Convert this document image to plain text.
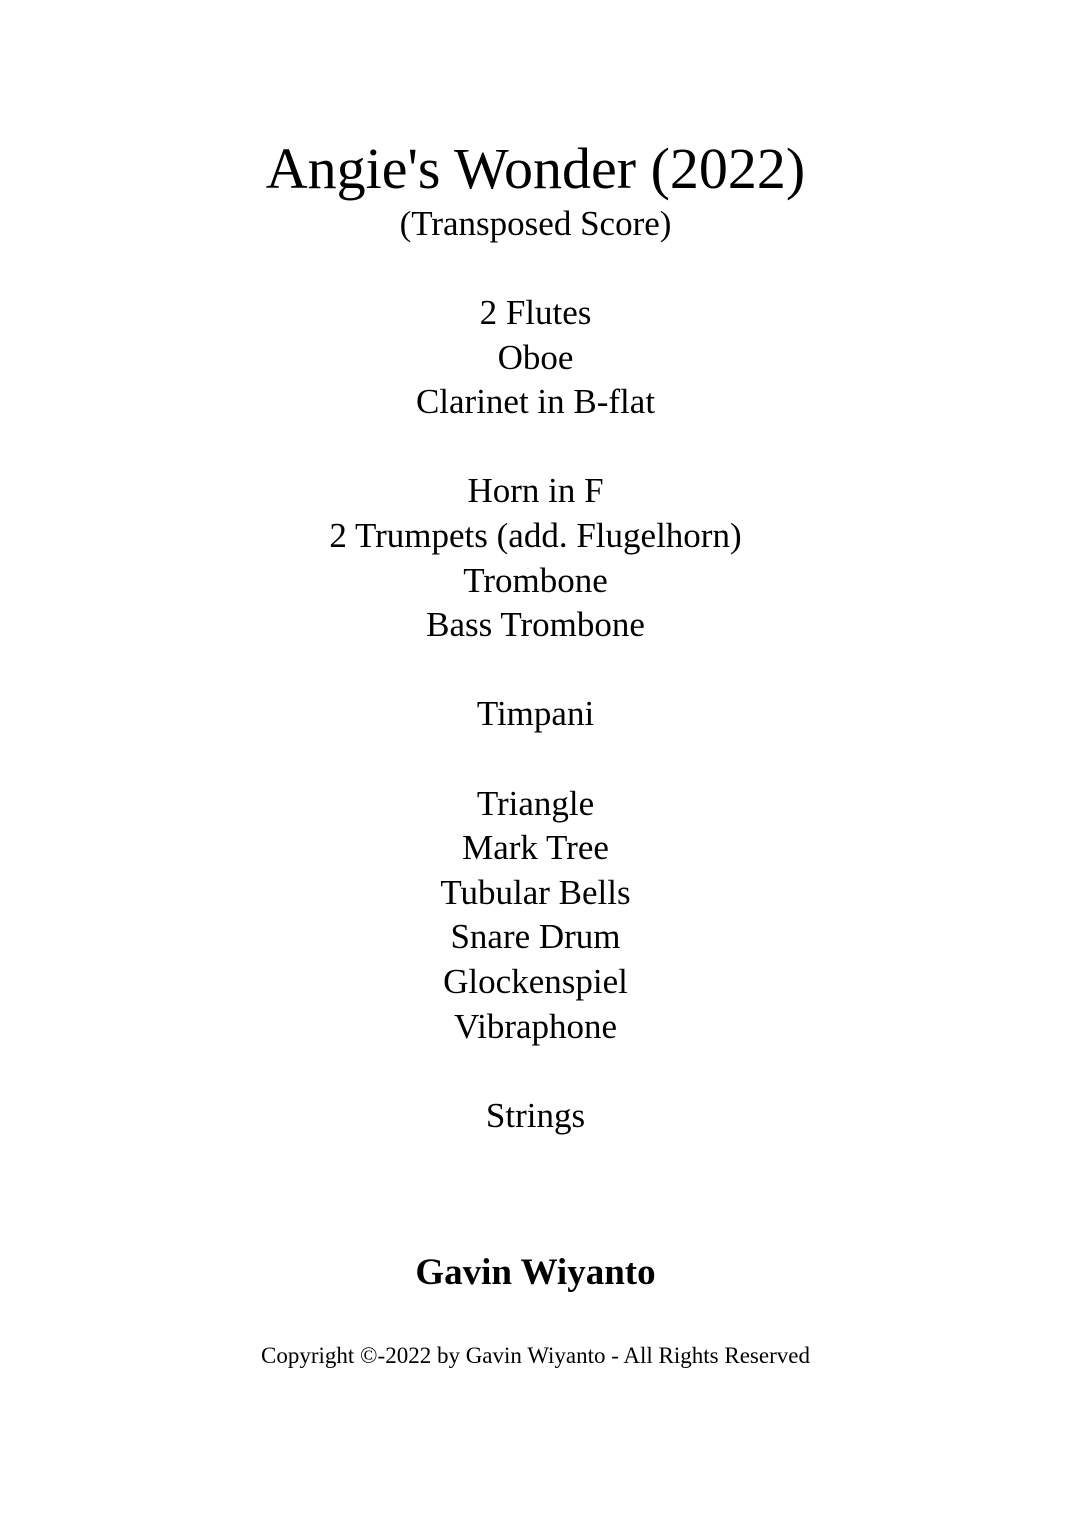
Angie's Wonder (2022)
(Transposed Score)
2 Flutes
Oboe
Clarinet in B-flat
Horn in F
2 Trumpets (add. Flugelhorn)
Trombone
Bass Trombone
Timpani
Triangle
Mark Tree
Tubular Bells
Snare Drum
Glockenspiel
Vibraphone
Strings
Gavin Wiyanto
Copyright ©-2022 by Gavin Wiyanto - All Rights Reserved
